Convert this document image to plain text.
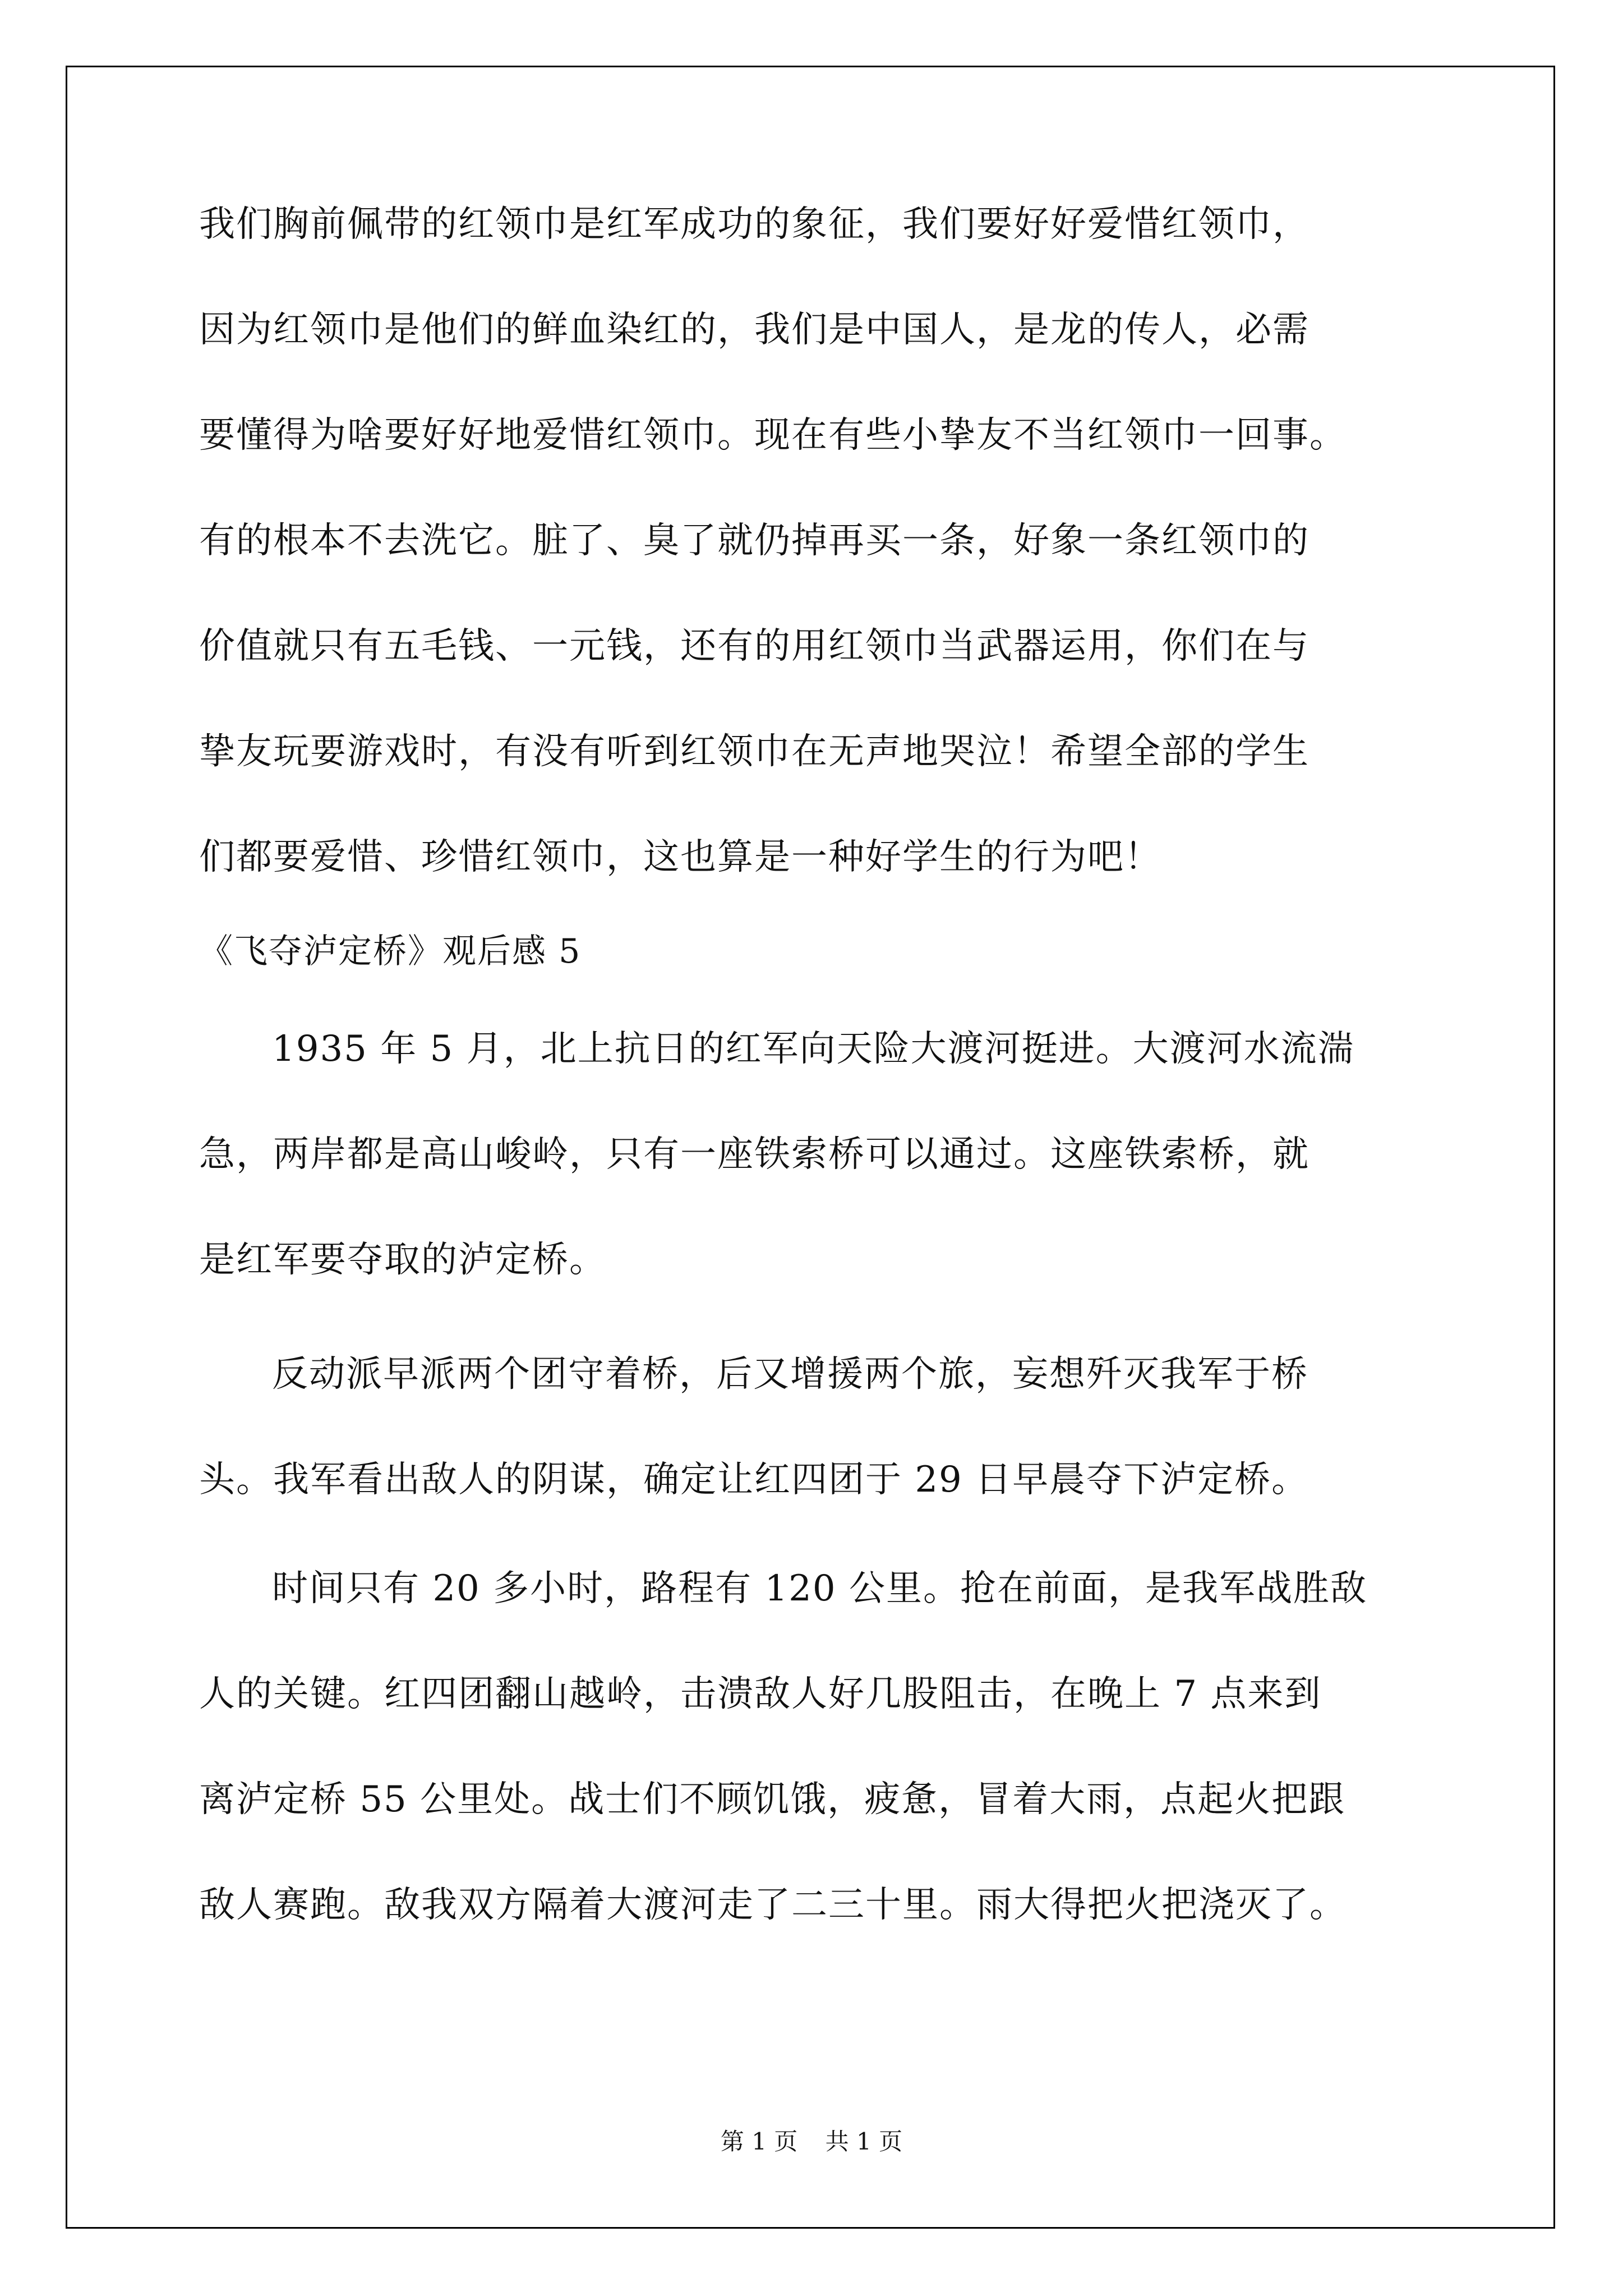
我们胸前佩带的红领巾是红军成功的象征，我们要好好爱惜红领巾，
因为红领巾是他们的鲜血染红的，我们是中国人，是龙的传人，必需
要懂得为啥要好好地爱惜红领巾。现在有些小挚友不当红领巾一回事。
有的根本不去洗它。脏了、臭了就仍掉再买一条，好象一条红领巾的
价值就只有五毛钱、一元钱，还有的用红领巾当武器运用，你们在与
挚友玩要游戏时，有没有听到红领巾在无声地哭泣！希望全部的学生
们都要爱惜、珍惜红领巾，这也算是一种好学生的行为吧！
《飞夺泸定桥》观后感 5
1935 年 5 月，北上抗日的红军向天险大渡河挺进。大渡河水流湍
急，两岸都是高山峻岭，只有一座铁索桥可以通过。这座铁索桥，就
是红军要夺取的泸定桥。
反动派早派两个团守着桥，后又增援两个旅，妄想歼灭我军于桥
头。我军看出敌人的阴谋，确定让红四团于 29 日早晨夺下泸定桥。
时间只有 20 多小时，路程有 120 公里。抢在前面，是我军战胜敌
人的关键。红四团翻山越岭，击溃敌人好几股阻击，在晚上 7 点来到
离泸定桥 55 公里处。战士们不顾饥饿，疲惫，冒着大雨，点起火把跟
敌人赛跑。敌我双方隔着大渡河走了二三十里。雨大得把火把浇灭了。
第 1 页 共 1 页
